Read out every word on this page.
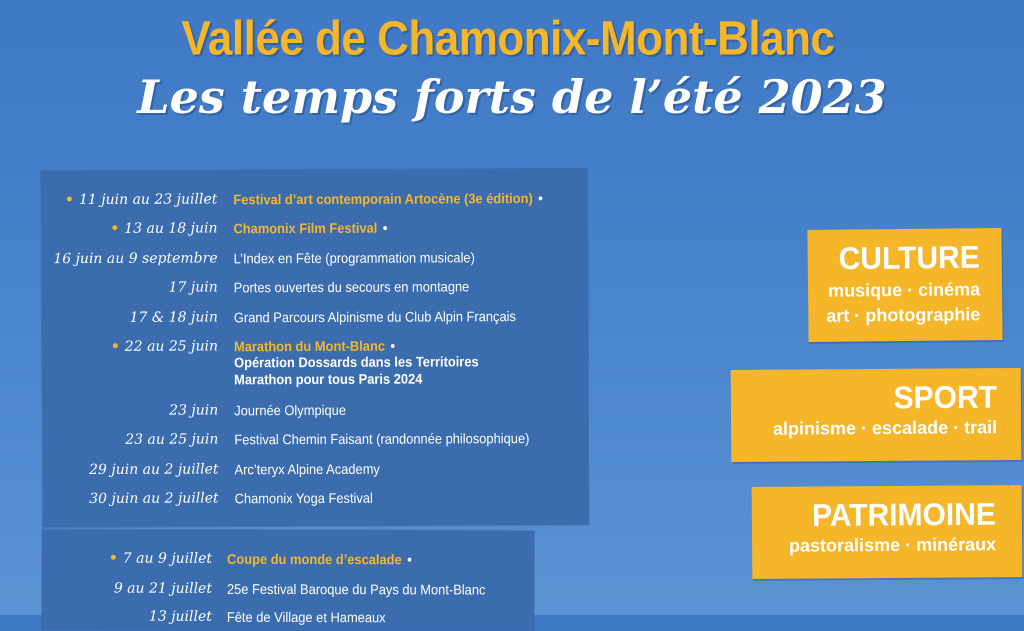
Vallée de Chamonix-Mont-Blanc
Les temps forts de l’été 2023
• 11 juin au 23 juillet Festival d’art contemporain Artocène (3e édition) •
• 13 au 18 juin Chamonix Film Festival •
16 juin au 9 septembre L’Index en Fête (programmation musicale)
17 juin Portes ouvertes du secours en montagne
17 & 18 juin Grand Parcours Alpinisme du Club Alpin Français
• 22 au 25 juin Marathon du Mont-Blanc •
Opération Dossards dans les Territoires
Marathon pour tous Paris 2024
23 juin Journée Olympique
23 au 25 juin Festival Chemin Faisant (randonnée philosophique)
29 juin au 2 juillet Arc’teryx Alpine Academy
30 juin au 2 juillet Chamonix Yoga Festival
• 7 au 9 juillet Coupe du monde d’escalade •
9 au 21 juillet 25e Festival Baroque du Pays du Mont-Blanc
13 juillet Fête de Village et Hameaux
CULTURE
musique · cinéma
art · photographie
SPORT
alpinisme · escalade · trail
PATRIMOINE
pastoralisme · minéraux
